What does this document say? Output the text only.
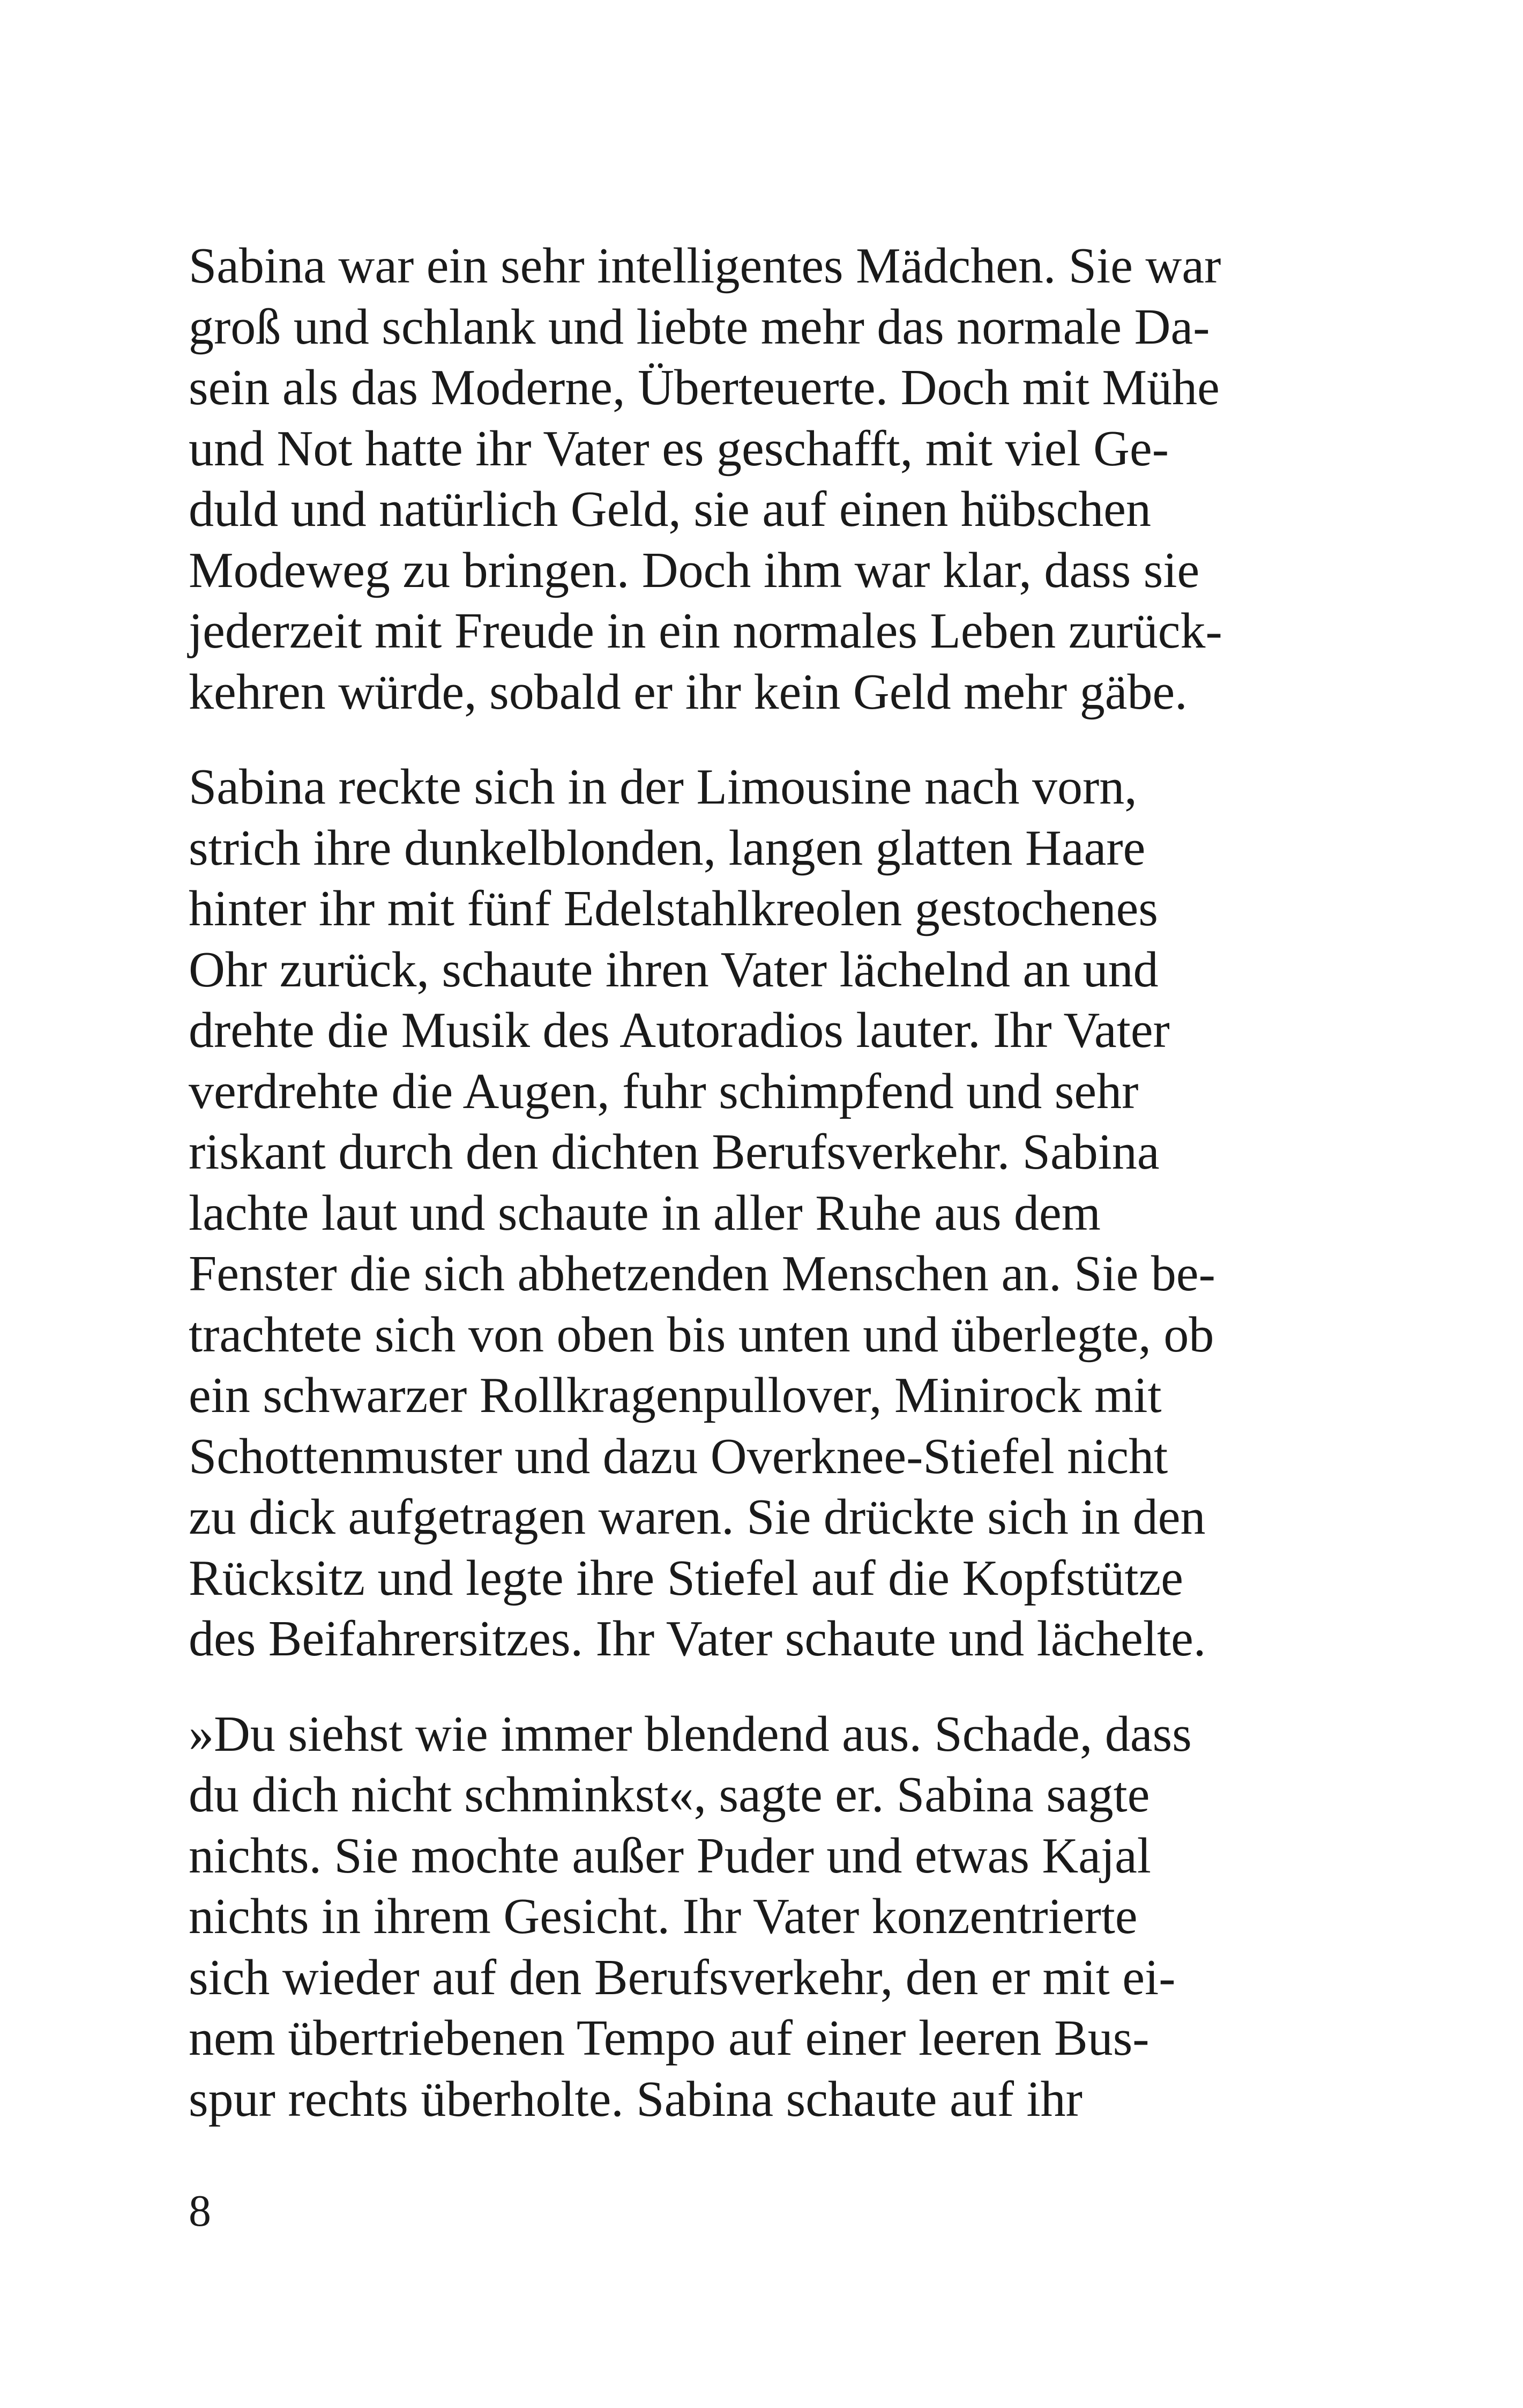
Sabina war ein sehr intelligentes Mädchen. Sie war
groß und schlank und liebte mehr das normale Da-
sein als das Moderne, Überteuerte. Doch mit Mühe
und Not hatte ihr Vater es geschafft, mit viel Ge-
duld und natürlich Geld, sie auf einen hübschen
Modeweg zu bringen. Doch ihm war klar, dass sie
jederzeit mit Freude in ein normales Leben zurück-
kehren würde, sobald er ihr kein Geld mehr gäbe.

Sabina reckte sich in der Limousine nach vorn,
strich ihre dunkelblonden, langen glatten Haare
hinter ihr mit fünf Edelstahlkreolen gestochenes
Ohr zurück, schaute ihren Vater lächelnd an und
drehte die Musik des Autoradios lauter. Ihr Vater
verdrehte die Augen, fuhr schimpfend und sehr
riskant durch den dichten Berufsverkehr. Sabina
lachte laut und schaute in aller Ruhe aus dem
Fenster die sich abhetzenden Menschen an. Sie be-
trachtete sich von oben bis unten und überlegte, ob
ein schwarzer Rollkragenpullover, Minirock mit
Schottenmuster und dazu Overknee-Stiefel nicht
zu dick aufgetragen waren. Sie drückte sich in den
Rücksitz und legte ihre Stiefel auf die Kopfstütze
des Beifahrersitzes. Ihr Vater schaute und lächelte.

»Du siehst wie immer blendend aus. Schade, dass
du dich nicht schminkst«, sagte er. Sabina sagte
nichts. Sie mochte außer Puder und etwas Kajal
nichts in ihrem Gesicht. Ihr Vater konzentrierte
sich wieder auf den Berufsverkehr, den er mit ei-
nem übertriebenen Tempo auf einer leeren Bus-
spur rechts überholte. Sabina schaute auf ihr

8
